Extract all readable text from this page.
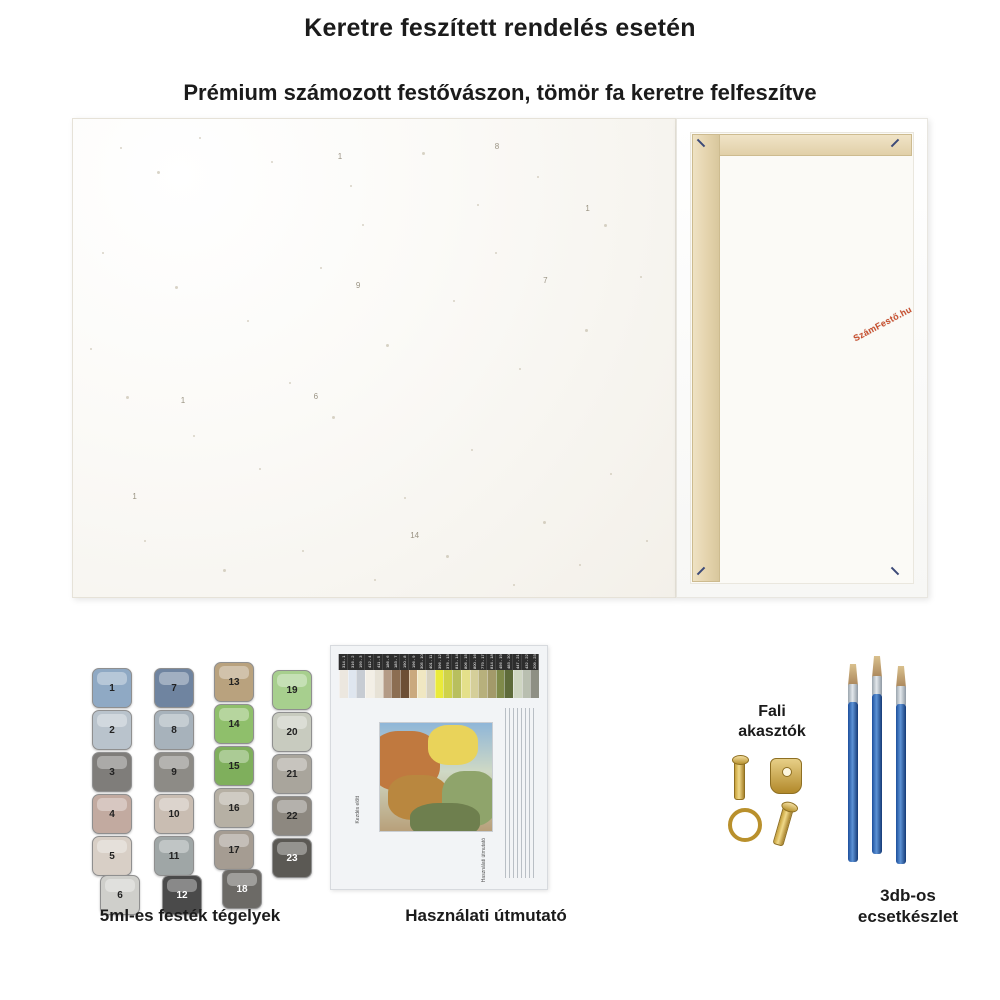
Keretre feszített rendelés esetén
Prémium számozott festővászon, tömör fa keretre felfeszítve
1
8
1
9
7
1
6
14
1
SzámFestő.hu
1
2
3
4
5
6
7
8
9
10
11
12
13
14
15
16
17
18
19
20
21
22
23
314 - 1 316 - 2 199 - 3 412 - 4 411 - 5 186 - 6 183 - 7 190 - 8 196 - 9 305 - 10 401 - 11 396 - 12 376 - 13 813 - 14 806 - 15 800 - 16 779 - 17 814 - 18 456 - 19 483 - 20 447 - 21 432 - 22 209 - 23
Kezdés előtt
Használati útmutató
5ml-es festék tégelyek	Használati útmutató
Fali
akasztók
3db-os
ecsetkészlet
